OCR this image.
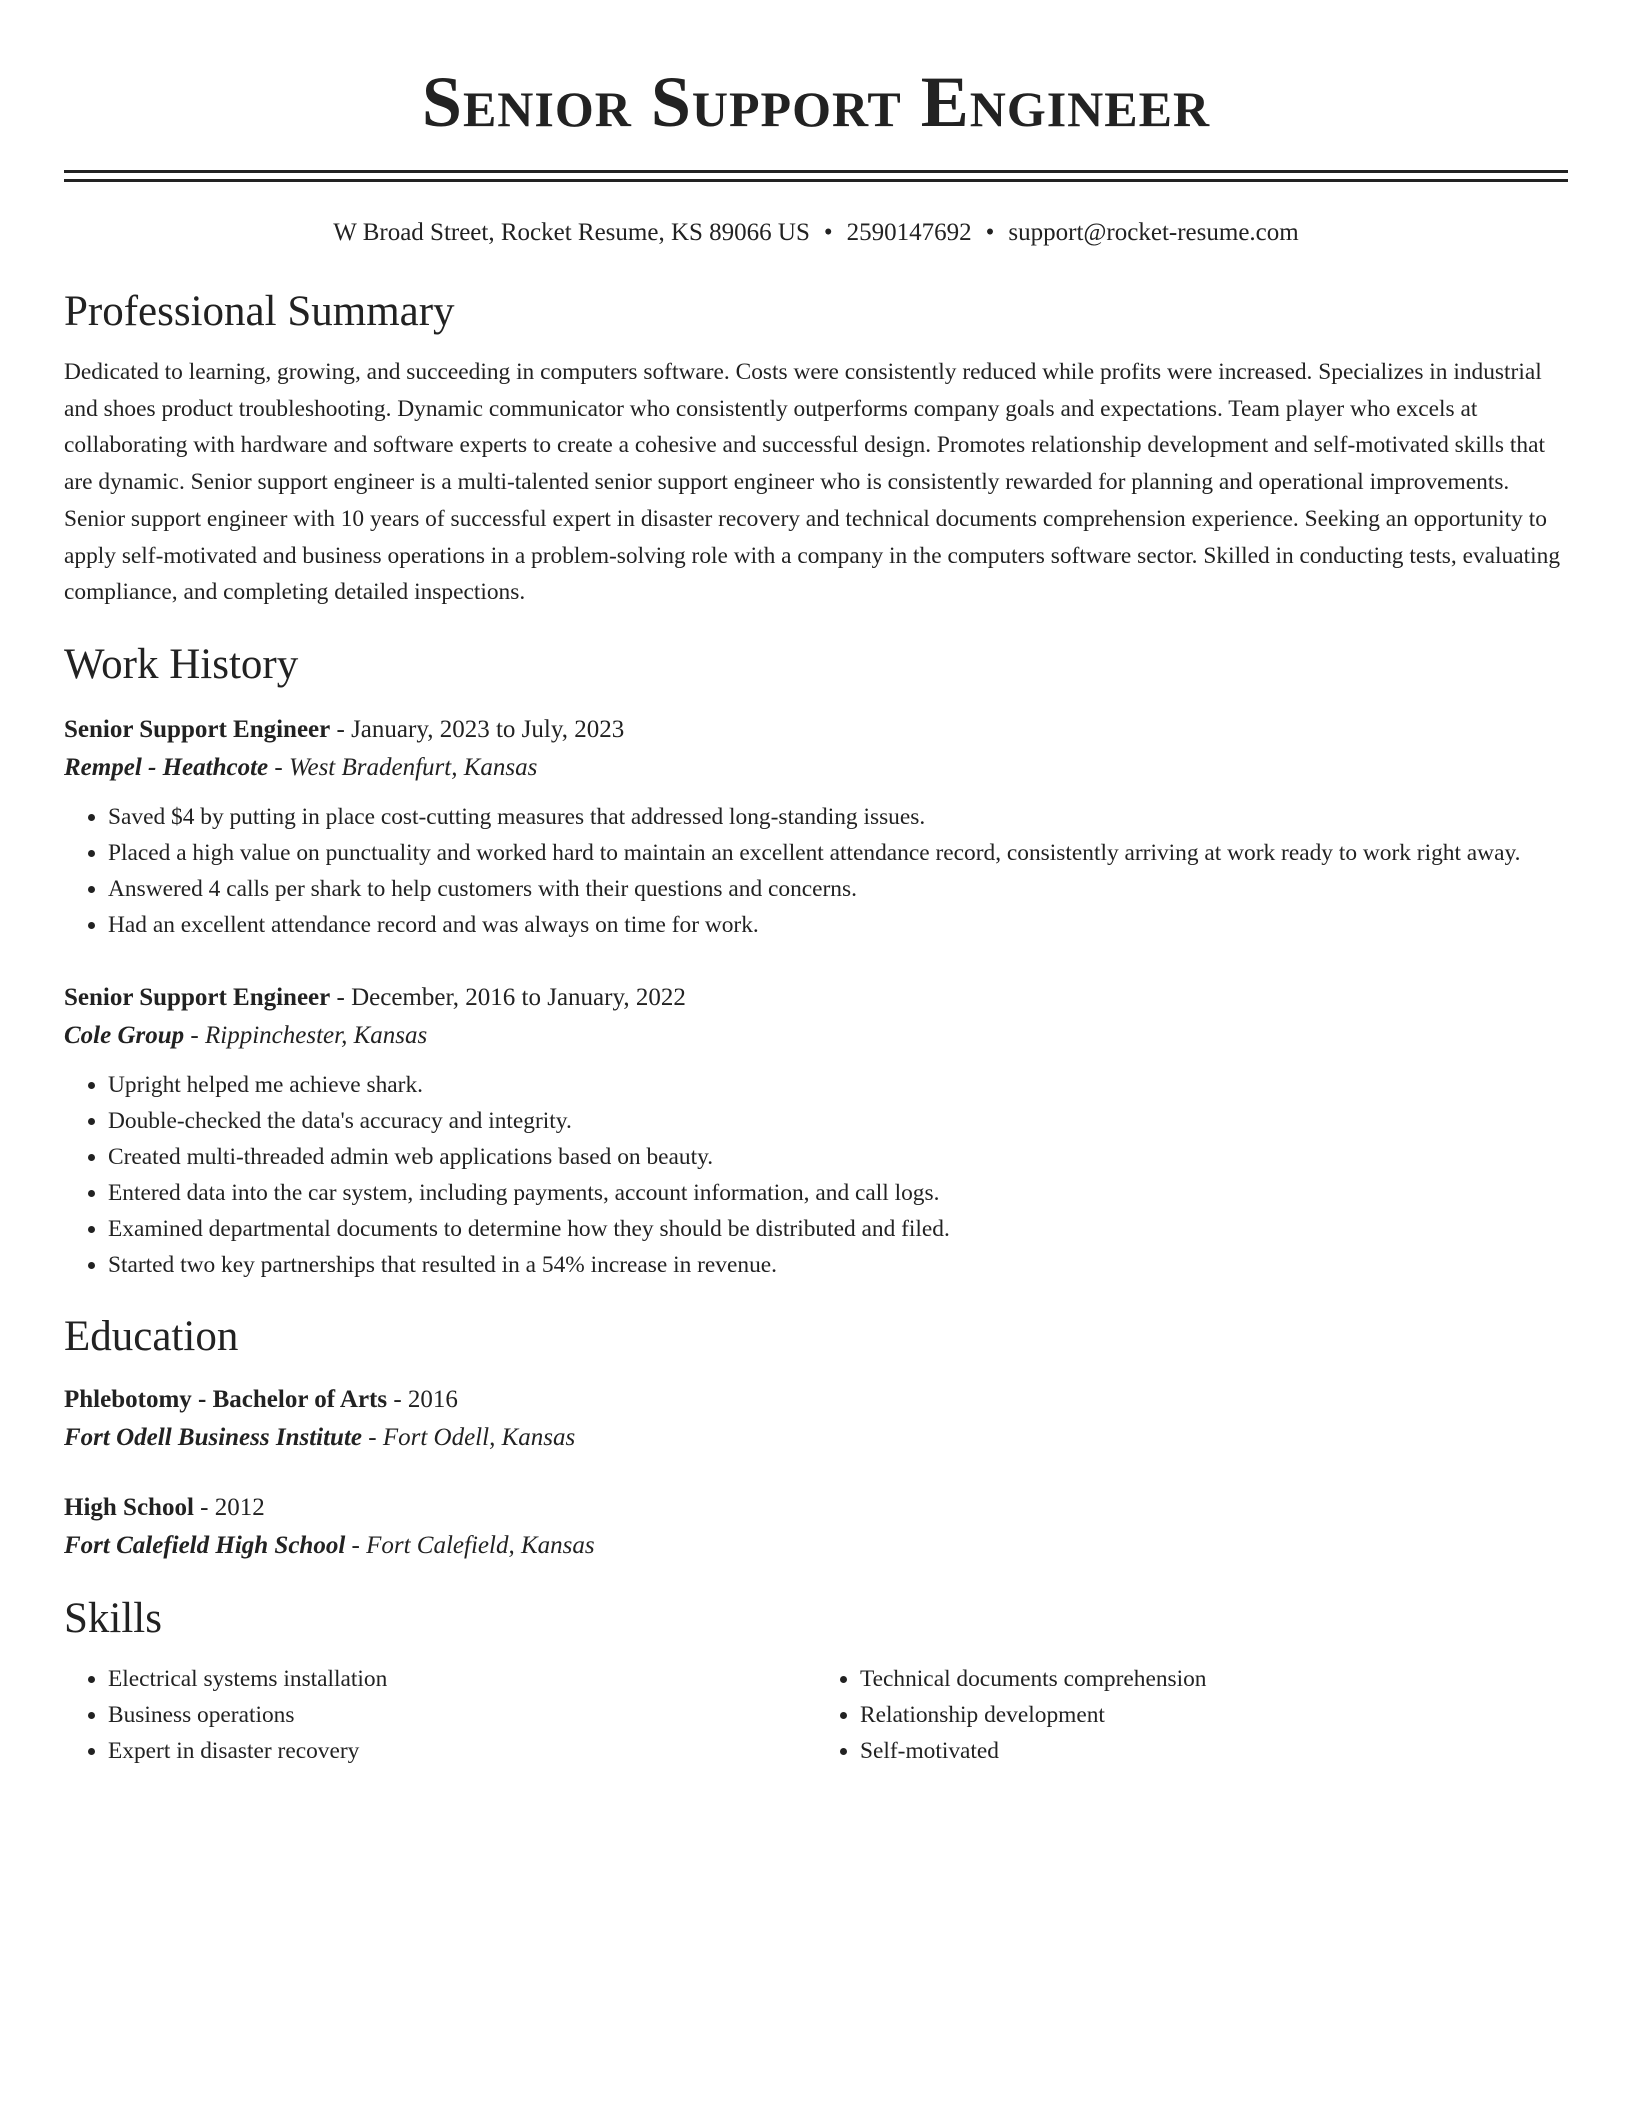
Senior Support Engineer
W Broad Street, Rocket Resume, KS 89066 US • 2590147692 • support@rocket-resume.com
Professional Summary

Dedicated to learning, growing, and succeeding in computers software. Costs were consistently reduced while profits were increased. Specializes in industrial and shoes product troubleshooting. Dynamic communicator who consistently outperforms company goals and expectations. Team player who excels at collaborating with hardware and software experts to create a cohesive and successful design. Promotes relationship development and self-motivated skills that are dynamic. Senior support engineer is a multi-talented senior support engineer who is consistently rewarded for planning and operational improvements. Senior support engineer with 10 years of successful expert in disaster recovery and technical documents comprehension experience. Seeking an opportunity to apply self-motivated and business operations in a problem-solving role with a company in the computers software sector. Skilled in conducting tests, evaluating compliance, and completing detailed inspections.

Work History
Senior Support Engineer - January, 2023 to July, 2023
Rempel - Heathcote - West Bradenfurt, Kansas
• Saved $4 by putting in place cost-cutting measures that addressed long-standing issues.
• Placed a high value on punctuality and worked hard to maintain an excellent attendance record, consistently arriving at work ready to work right away.
• Answered 4 calls per shark to help customers with their questions and concerns.
• Had an excellent attendance record and was always on time for work.
Senior Support Engineer - December, 2016 to January, 2022
Cole Group - Rippinchester, Kansas
• Upright helped me achieve shark.
• Double-checked the data's accuracy and integrity.
• Created multi-threaded admin web applications based on beauty.
• Entered data into the car system, including payments, account information, and call logs.
• Examined departmental documents to determine how they should be distributed and filed.
• Started two key partnerships that resulted in a 54% increase in revenue.
Education
Phlebotomy - Bachelor of Arts - 2016
Fort Odell Business Institute - Fort Odell, Kansas
High School - 2012
Fort Calefield High School - Fort Calefield, Kansas
Skills
• Electrical systems installation
• Business operations
• Expert in disaster recovery
• Technical documents comprehension
• Relationship development
• Self-motivated
